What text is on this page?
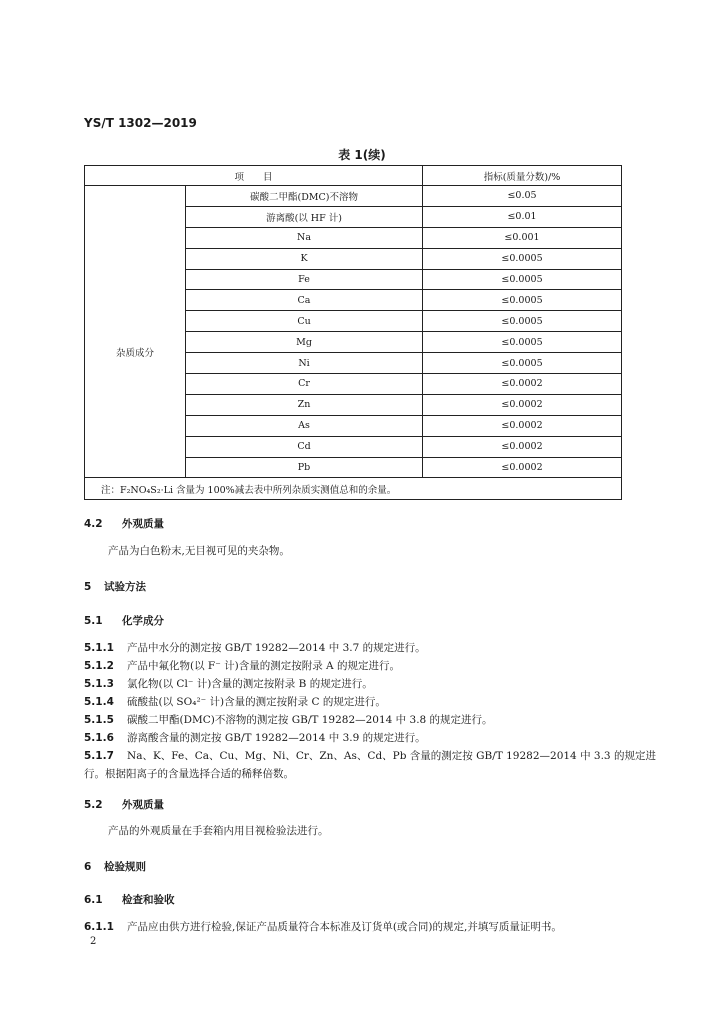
YS/T 1302—2019
表 1(续)
项　　目		指标(质量分数)/%
	碳酸二甲酯(DMC)不溶物	≤0.05
	游离酸(以 HF 计)	≤0.01
杂质成分	Na	≤0.001
	K	≤0.0005
	Fe	≤0.0005
	Ca	≤0.0005
	Cu	≤0.0005
	Mg	≤0.0005
	Ni	≤0.0005
	Cr	≤0.0002
	Zn	≤0.0002
	As	≤0.0002
	Cd	≤0.0002
	Pb	≤0.0002
注：F₂NO₄S₂·Li 含量为 100%减去表中所列杂质实测值总和的余量。		
4.2 外观质量
产品为白色粉末,无目视可见的夹杂物。
5 试验方法
5.1 化学成分
5.1.1 产品中水分的测定按 GB/T 19282—2014 中 3.7 的规定进行。
5.1.2 产品中氟化物(以 F⁻ 计)含量的测定按附录 A 的规定进行。
5.1.3 氯化物(以 Cl⁻ 计)含量的测定按附录 B 的规定进行。
5.1.4 硫酸盐(以 SO₄²⁻ 计)含量的测定按附录 C 的规定进行。
5.1.5 碳酸二甲酯(DMC)不溶物的测定按 GB/T 19282—2014 中 3.8 的规定进行。
5.1.6 游离酸含量的测定按 GB/T 19282—2014 中 3.9 的规定进行。
5.1.7 Na、K、Fe、Ca、Cu、Mg、Ni、Cr、Zn、As、Cd、Pb 含量的测定按 GB/T 19282—2014 中 3.3 的规定进
行。根据阳离子的含量选择合适的稀释倍数。
5.2 外观质量
产品的外观质量在手套箱内用目视检验法进行。
6 检验规则
6.1 检查和验收
6.1.1 产品应由供方进行检验,保证产品质量符合本标准及订货单(或合同)的规定,并填写质量证明书。
2
